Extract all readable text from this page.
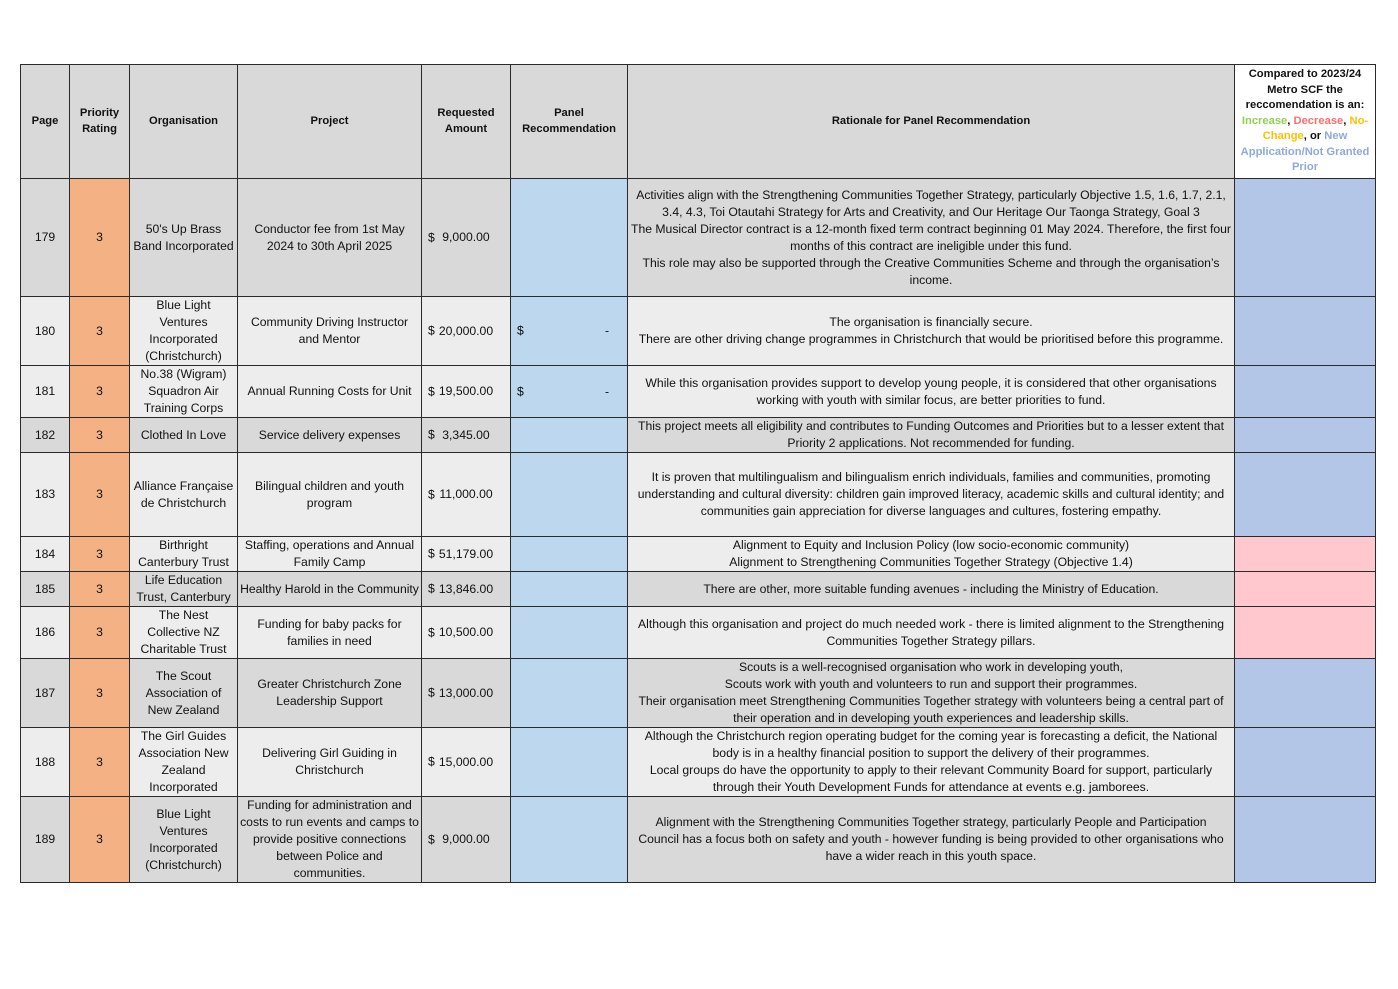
Page	Priority Rating	Organisation	Project	Requested Amount	Panel Recommendation	Rationale for Panel Recommendation	Compared to 2023/24 Metro SCF the reccomendation is an:
Increase, Decrease, No-Change, or New Application/Not Granted Prior
179	3	50's Up Brass Band Incorporated	Conductor fee from 1st May 2024 to 30th April 2025	$ 9,000.00		Activities align with the Strengthening Communities Together Strategy, particularly Objective 1.5, 1.6, 1.7, 2.1, 3.4, 4.3, Toi Otautahi Strategy for Arts and Creativity, and Our Heritage Our Taonga Strategy, Goal 3
The Musical Director contract is a 12-month fixed term contract beginning 01 May 2024. Therefore, the first four months of this contract are ineligible under this fund.
This role may also be supported through the Creative Communities Scheme and through the organisation’s income.	

180	3	Blue Light Ventures Incorporated (Christchurch)	Community Driving Instructor and Mentor	$ 20,000.00	$ -	The organisation is financially secure.
There are other driving change programmes in Christchurch that would be prioritised before this programme.	

181	3	No.38 (Wigram) Squadron Air Training Corps	Annual Running Costs for Unit	$ 19,500.00	$ -	While this organisation provides support to develop young people, it is considered that other organisations working with youth with similar focus, are better priorities to fund.	

182	3	Clothed In Love	Service delivery expenses	$ 3,345.00		This project meets all eligibility and contributes to Funding Outcomes and Priorities but to a lesser extent that Priority 2 applications. Not recommended for funding.	

183	3	Alliance Française de Christchurch	Bilingual children and youth program	$ 11,000.00		It is proven that multilingualism and bilingualism enrich individuals, families and communities, promoting understanding and cultural diversity: children gain improved literacy, academic skills and cultural identity; and communities gain appreciation for diverse languages and cultures, fostering empathy.	

184	3	Birthright Canterbury Trust	Staffing, operations and Annual Family Camp	$ 51,179.00		Alignment to Equity and Inclusion Policy (low socio-economic community)
Alignment to Strengthening Communities Together Strategy (Objective 1.4)	

185	3	Life Education Trust, Canterbury	Healthy Harold in the Community	$ 13,846.00		There are other, more suitable funding avenues - including the Ministry of Education.	

186	3	The Nest Collective NZ Charitable Trust	Funding for baby packs for families in need	$ 10,500.00		Although this organisation and project do much needed work - there is limited alignment to the Strengthening Communities Together Strategy pillars.	

187	3	The Scout Association of New Zealand	Greater Christchurch Zone Leadership Support	$ 13,000.00		Scouts is a well-recognised organisation who work in developing youth,
Scouts work with youth and volunteers to run and support their programmes.
Their organisation meet Strengthening Communities Together strategy with volunteers being a central part of their operation and in developing youth experiences and leadership skills.	

188	3	The Girl Guides Association New Zealand Incorporated	Delivering Girl Guiding in Christchurch	$ 15,000.00		Although the Christchurch region operating budget for the coming year is forecasting a deficit, the National body is in a healthy financial position to support the delivery of their programmes.
Local groups do have the opportunity to apply to their relevant Community Board for support, particularly through their Youth Development Funds for attendance at events e.g. jamborees.	

189	3	Blue Light Ventures Incorporated (Christchurch)	Funding for administration and costs to run events and camps to provide positive connections between Police and communities.	$ 9,000.00		Alignment with the Strengthening Communities Together strategy, particularly People and Participation
Council has a focus both on safety and youth - however funding is being provided to other organisations who have a wider reach in this youth space.	
